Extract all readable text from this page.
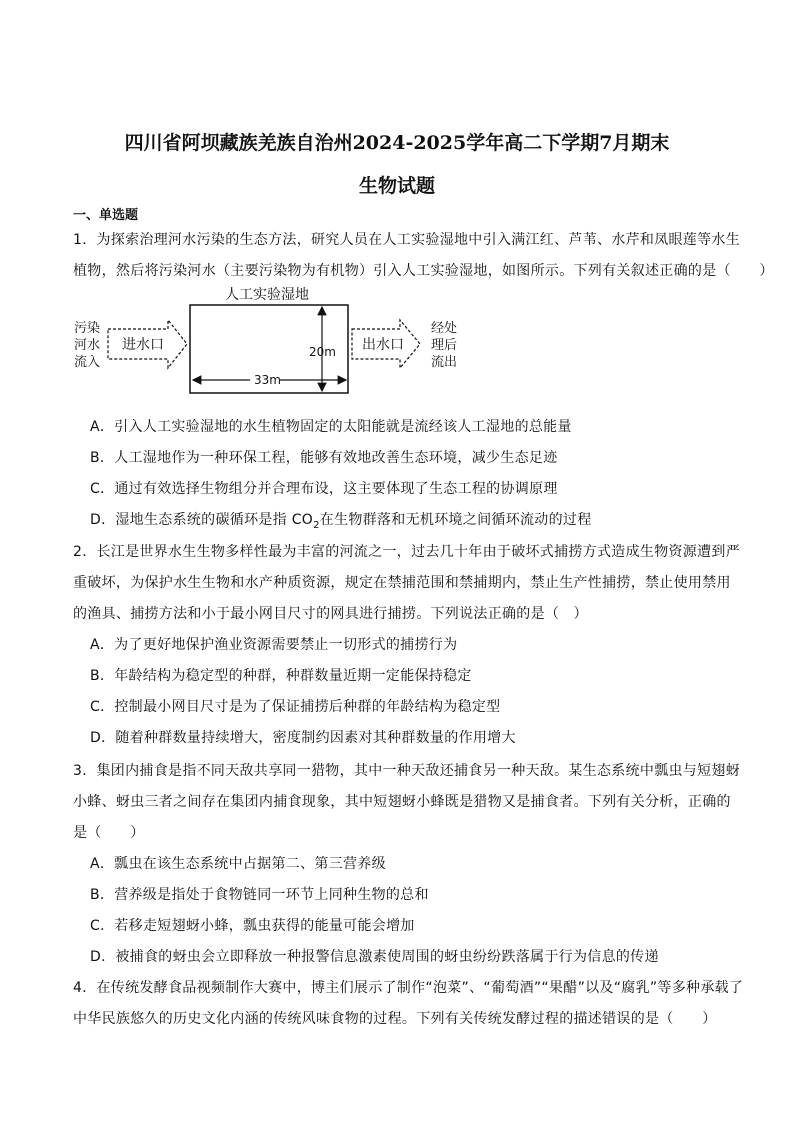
四川省阿坝藏族羌族自治州2024-2025学年高二下学期7月期末
生物试题
一、单选题
1．为探索治理河水污染的生态方法，研究人员在人工实验湿地中引入满江红、芦苇、水芹和凤眼莲等水生
植物，然后将污染河水（主要污染物为有机物）引入人工实验湿地，如图所示。下列有关叙述正确的是（　　）
人工实验湿地
污染
河水
流入
进水口	出水口
经处
理后
流出
20m
33m
A．引入人工实验湿地的水生植物固定的太阳能就是流经该人工湿地的总能量
B．人工湿地作为一种环保工程，能够有效地改善生态环境，减少生态足迹
C．通过有效选择生物组分并合理布设，这主要体现了生态工程的协调原理
D．湿地生态系统的碳循环是指 $CO_2$在生物群落和无机环境之间循环流动的过程
2．长江是世界水生生物多样性最为丰富的河流之一，过去几十年由于破坏式捕捞方式造成生物资源遭到严
重破坏，为保护水生生物和水产种质资源，规定在禁捕范围和禁捕期内，禁止生产性捕捞，禁止使用禁用
的渔具、捕捞方法和小于最小网目尺寸的网具进行捕捞。下列说法正确的是（　）
A．为了更好地保护渔业资源需要禁止一切形式的捕捞行为
B．年龄结构为稳定型的种群，种群数量近期一定能保持稳定
C．控制最小网目尺寸是为了保证捕捞后种群的年龄结构为稳定型
D．随着种群数量持续增大，密度制约因素对其种群数量的作用增大
3．集团内捕食是指不同天敌共享同一猎物，其中一种天敌还捕食另一种天敌。某生态系统中瓢虫与短翅蚜
小蜂、蚜虫三者之间存在集团内捕食现象，其中短翅蚜小蜂既是猎物又是捕食者。下列有关分析，正确的
是（　　）
A．瓢虫在该生态系统中占据第二、第三营养级
B．营养级是指处于食物链同一环节上同种生物的总和
C．若移走短翅蚜小蜂，瓢虫获得的能量可能会增加
D．被捕食的蚜虫会立即释放一种报警信息激素使周围的蚜虫纷纷跌落属于行为信息的传递
4．在传统发酵食品视频制作大赛中，博主们展示了制作“泡菜”、“葡萄酒”“果醋”以及“腐乳”等多种承载了
中华民族悠久的历史文化内涵的传统风味食物的过程。下列有关传统发酵过程的描述错误的是（　　）
